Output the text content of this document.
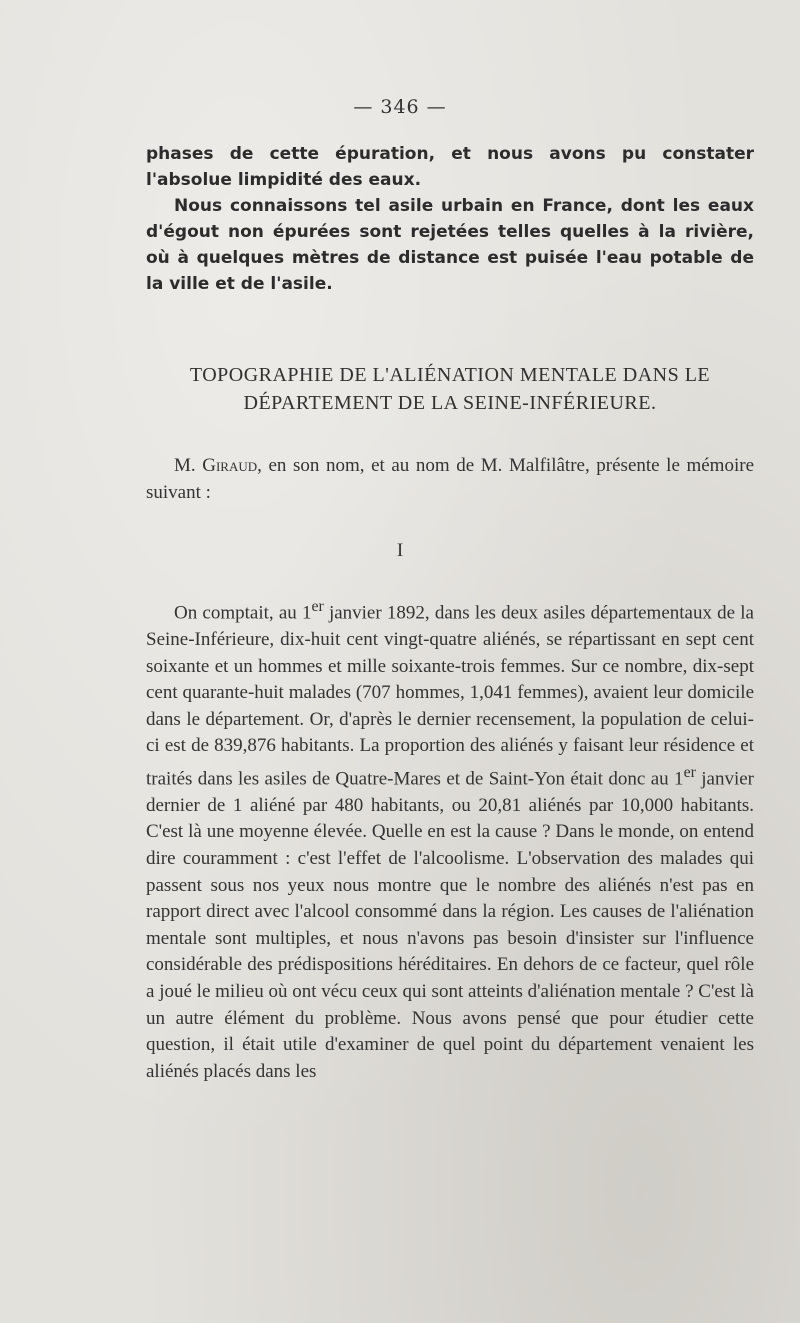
— 346 —

phases de cette épuration, et nous avons pu constater l'absolue limpidité des eaux.

Nous connaissons tel asile urbain en France, dont les eaux d'égout non épurées sont rejetées telles quelles à la rivière, où à quelques mètres de distance est puisée l'eau potable de la ville et de l'asile.

TOPOGRAPHIE DE L'ALIÉNATION MENTALE DANS LE
DÉPARTEMENT DE LA SEINE-INFÉRIEURE.

M. Giraud, en son nom, et au nom de M. Malfilâtre, présente le mémoire suivant :

I

On comptait, au 1er janvier 1892, dans les deux asiles départementaux de la Seine-Inférieure, dix-huit cent vingt-quatre aliénés, se répartissant en sept cent soixante et un hommes et mille soixante-trois femmes. Sur ce nombre, dix-sept cent quarante-huit malades (707 hommes, 1,041 femmes), avaient leur domicile dans le département. Or, d'après le dernier recensement, la population de celui-ci est de 839,876 habitants. La proportion des aliénés y faisant leur résidence et traités dans les asiles de Quatre-Mares et de Saint-Yon était donc au 1er janvier dernier de 1 aliéné par 480 habitants, ou 20,81 aliénés par 10,000 habitants. C'est là une moyenne élevée. Quelle en est la cause ? Dans le monde, on entend dire couramment : c'est l'effet de l'alcoolisme. L'observation des malades qui passent sous nos yeux nous montre que le nombre des aliénés n'est pas en rapport direct avec l'alcool consommé dans la région. Les causes de l'aliénation mentale sont multiples, et nous n'avons pas besoin d'insister sur l'influence considérable des prédispositions héréditaires. En dehors de ce facteur, quel rôle a joué le milieu où ont vécu ceux qui sont atteints d'aliénation mentale ? C'est là un autre élément du problème. Nous avons pensé que pour étudier cette question, il était utile d'examiner de quel point du département venaient les aliénés placés dans les
